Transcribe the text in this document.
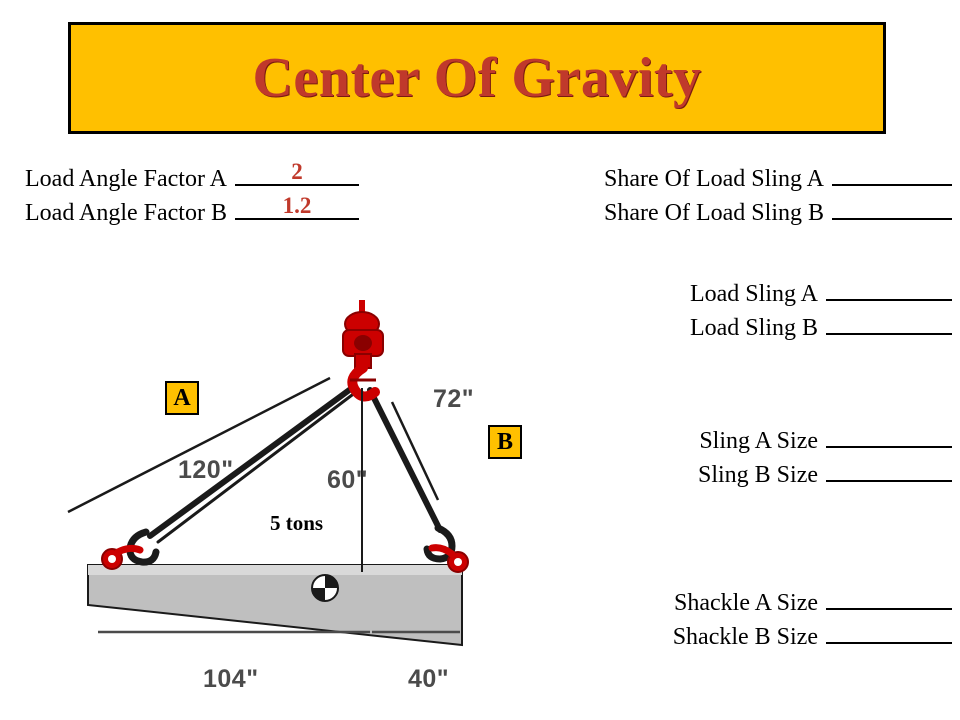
Center Of Gravity
Load Angle Factor A	2
Load Angle Factor B	1.2
Share Of Load Sling A
Share Of Load Sling B
Load Sling A
Load Sling B
Sling A Size
Sling B Size
Shackle A Size
Shackle B Size
A
B
120"
72"
60"
104"	40"
5 tons
